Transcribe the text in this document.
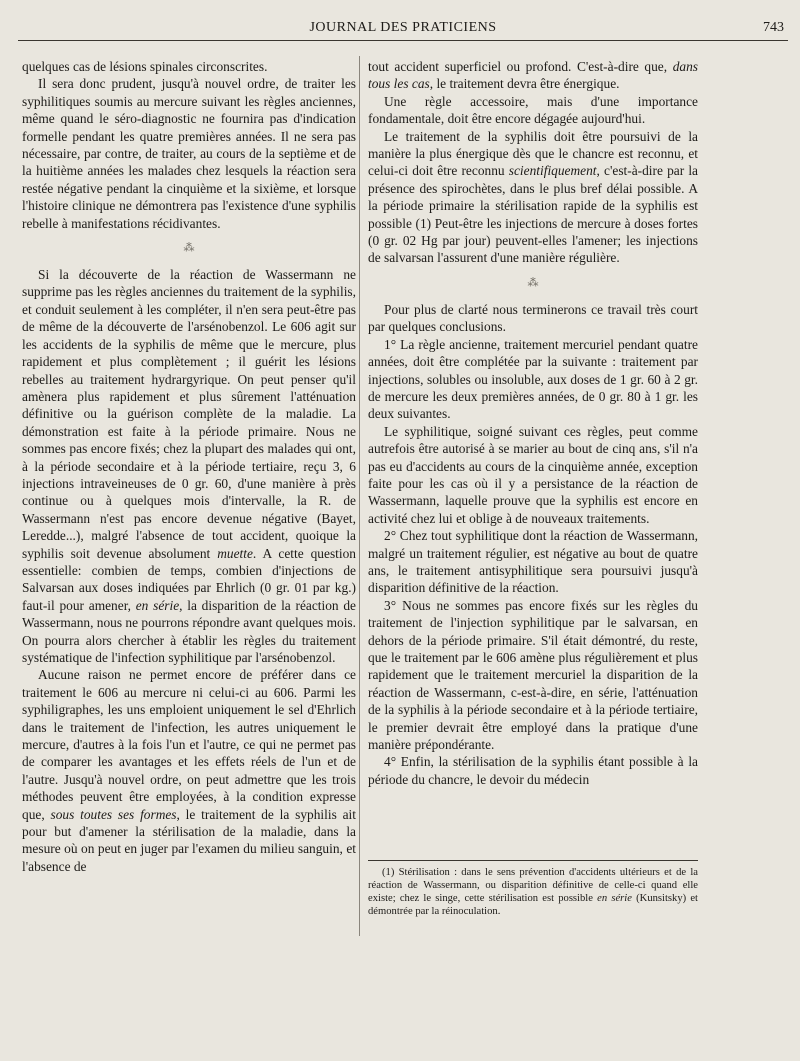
JOURNAL DES PRATICIENS	743

quelques cas de lésions spinales circonscrites.

Il sera donc prudent, jusqu'à nouvel ordre, de traiter les syphilitiques soumis au mercure suivant les règles anciennes, même quand le séro-diagnostic ne fournira pas d'indication formelle pendant les quatre premières années. Il ne sera pas nécessaire, par contre, de traiter, au cours de la septième et de la huitième années les malades chez lesquels la réaction sera restée négative pendant la cinquième et la sixième, et lorsque l'histoire clinique ne démontrera pas l'existence d'une syphilis rebelle à manifestations récidivantes.

⁂

Si la découverte de la réaction de Wassermann ne supprime pas les règles anciennes du traitement de la syphilis, et conduit seulement à les compléter, il n'en sera peut-être pas de même de la découverte de l'arsénobenzol. Le 606 agit sur les accidents de la syphilis de même que le mercure, plus rapidement et plus complètement ; il guérit les lésions rebelles au traitement hydrargyrique. On peut penser qu'il amènera plus rapidement et plus sûrement l'atténuation définitive ou la guérison complète de la maladie. La démonstration est faite à la période primaire. Nous ne sommes pas encore fixés; chez la plupart des malades qui ont, à la période secondaire et à la période tertiaire, reçu 3, 6 injections intraveineuses de 0 gr. 60, d'une manière à près continue ou à quelques mois d'intervalle, la R. de Wassermann n'est pas encore devenue négative (Bayet, Leredde...), malgré l'absence de tout accident, quoique la syphilis soit devenue absolument muette. A cette question essentielle: combien de temps, combien d'injections de Salvarsan aux doses indiquées par Ehrlich (0 gr. 01 par kg.) faut-il pour amener, en série, la disparition de la réaction de Wassermann, nous ne pourrons répondre avant quelques mois. On pourra alors chercher à établir les règles du traitement systématique de l'infection syphilitique par l'arsénobenzol.

Aucune raison ne permet encore de préférer dans ce traitement le 606 au mercure ni celui-ci au 606. Parmi les syphiligraphes, les uns emploient uniquement le sel d'Ehrlich dans le traitement de l'infection, les autres uniquement le mercure, d'autres à la fois l'un et l'autre, ce qui ne permet pas de comparer les avantages et les effets réels de l'un et de l'autre. Jusqu'à nouvel ordre, on peut admettre que les trois méthodes peuvent être employées, à la condition expresse que, sous toutes ses formes, le traitement de la syphilis ait pour but d'amener la stérilisation de la maladie, dans la mesure où on peut en juger par l'examen du milieu sanguin, et l'absence de

tout accident superficiel ou profond. C'est-à-dire que, dans tous les cas, le traitement devra être énergique.

Une règle accessoire, mais d'une importance fondamentale, doit être encore dégagée aujourd'hui.

Le traitement de la syphilis doit être poursuivi de la manière la plus énergique dès que le chancre est reconnu, et celui-ci doit être reconnu scientifiquement, c'est-à-dire par la présence des spirochètes, dans le plus bref délai possible. A la période primaire la stérilisation rapide de la syphilis est possible (1) Peut-être les injections de mercure à doses fortes (0 gr. 02 Hg par jour) peuvent-elles l'amener; les injections de salvarsan l'assurent d'une manière régulière.

⁂

Pour plus de clarté nous terminerons ce travail très court par quelques conclusions.

1° La règle ancienne, traitement mercuriel pendant quatre années, doit être complétée par la suivante : traitement par injections, solubles ou insoluble, aux doses de 1 gr. 60 à 2 gr. de mercure les deux premières années, de 0 gr. 80 à 1 gr. les deux suivantes.

Le syphilitique, soigné suivant ces règles, peut comme autrefois être autorisé à se marier au bout de cinq ans, s'il n'a pas eu d'accidents au cours de la cinquième année, exception faite pour les cas où il y a persistance de la réaction de Wassermann, laquelle prouve que la syphilis est encore en activité chez lui et oblige à de nouveaux traitements.

2° Chez tout syphilitique dont la réaction de Wassermann, malgré un traitement régulier, est négative au bout de quatre ans, le traitement antisyphilitique sera poursuivi jusqu'à disparition définitive de la réaction.

3° Nous ne sommes pas encore fixés sur les règles du traitement de l'injection syphilitique par le salvarsan, en dehors de la période primaire. S'il était démontré, du reste, que le traitement par le 606 amène plus régulièrement et plus rapidement que le traitement mercuriel la disparition de la réaction de Wassermann, c-est-à-dire, en série, l'atténuation de la syphilis à la période secondaire et à la période tertiaire, le premier devrait être employé dans la pratique d'une manière prépondérante.

4° Enfin, la stérilisation de la syphilis étant possible à la période du chancre, le devoir du médecin

(1) Stérilisation : dans le sens prévention d'accidents ultérieurs et de la réaction de Wassermann, ou disparition définitive de celle-ci quand elle existe; chez le singe, cette stérilisation est possible en série (Kunsitsky) et démontrée par la réinoculation.
